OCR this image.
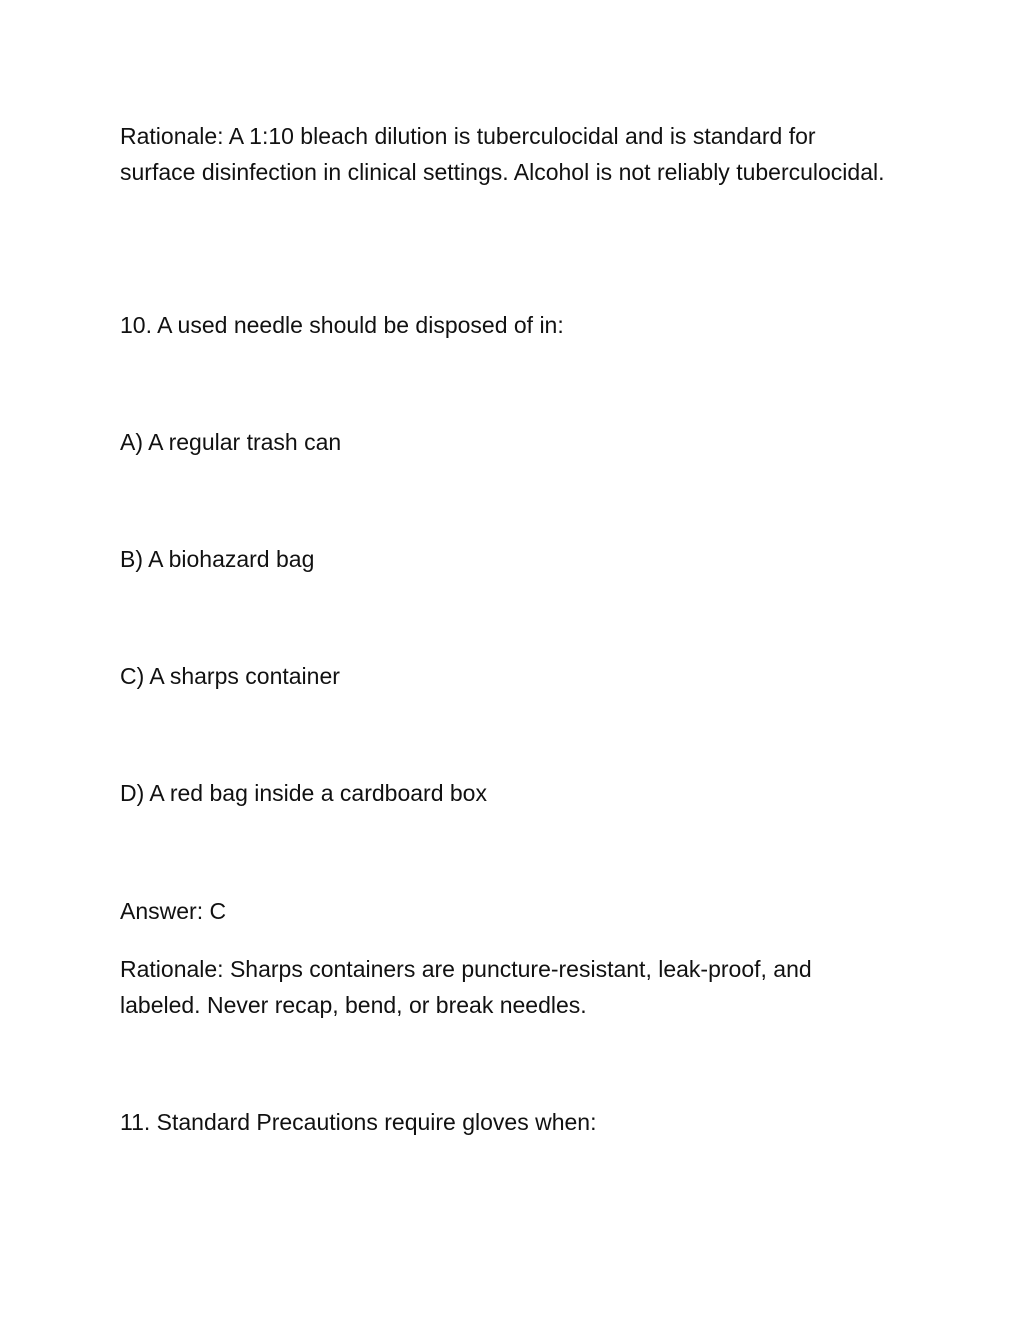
Rationale: A 1:10 bleach dilution is tuberculocidal and is standard for surface disinfection in clinical settings. Alcohol is not reliably tuberculocidal.

10. A used needle should be disposed of in:

A) A regular trash can

B) A biohazard bag

C) A sharps container

D) A red bag inside a cardboard box

Answer: C

Rationale: Sharps containers are puncture-resistant, leak-proof, and labeled. Never recap, bend, or break needles.

11. Standard Precautions require gloves when:
